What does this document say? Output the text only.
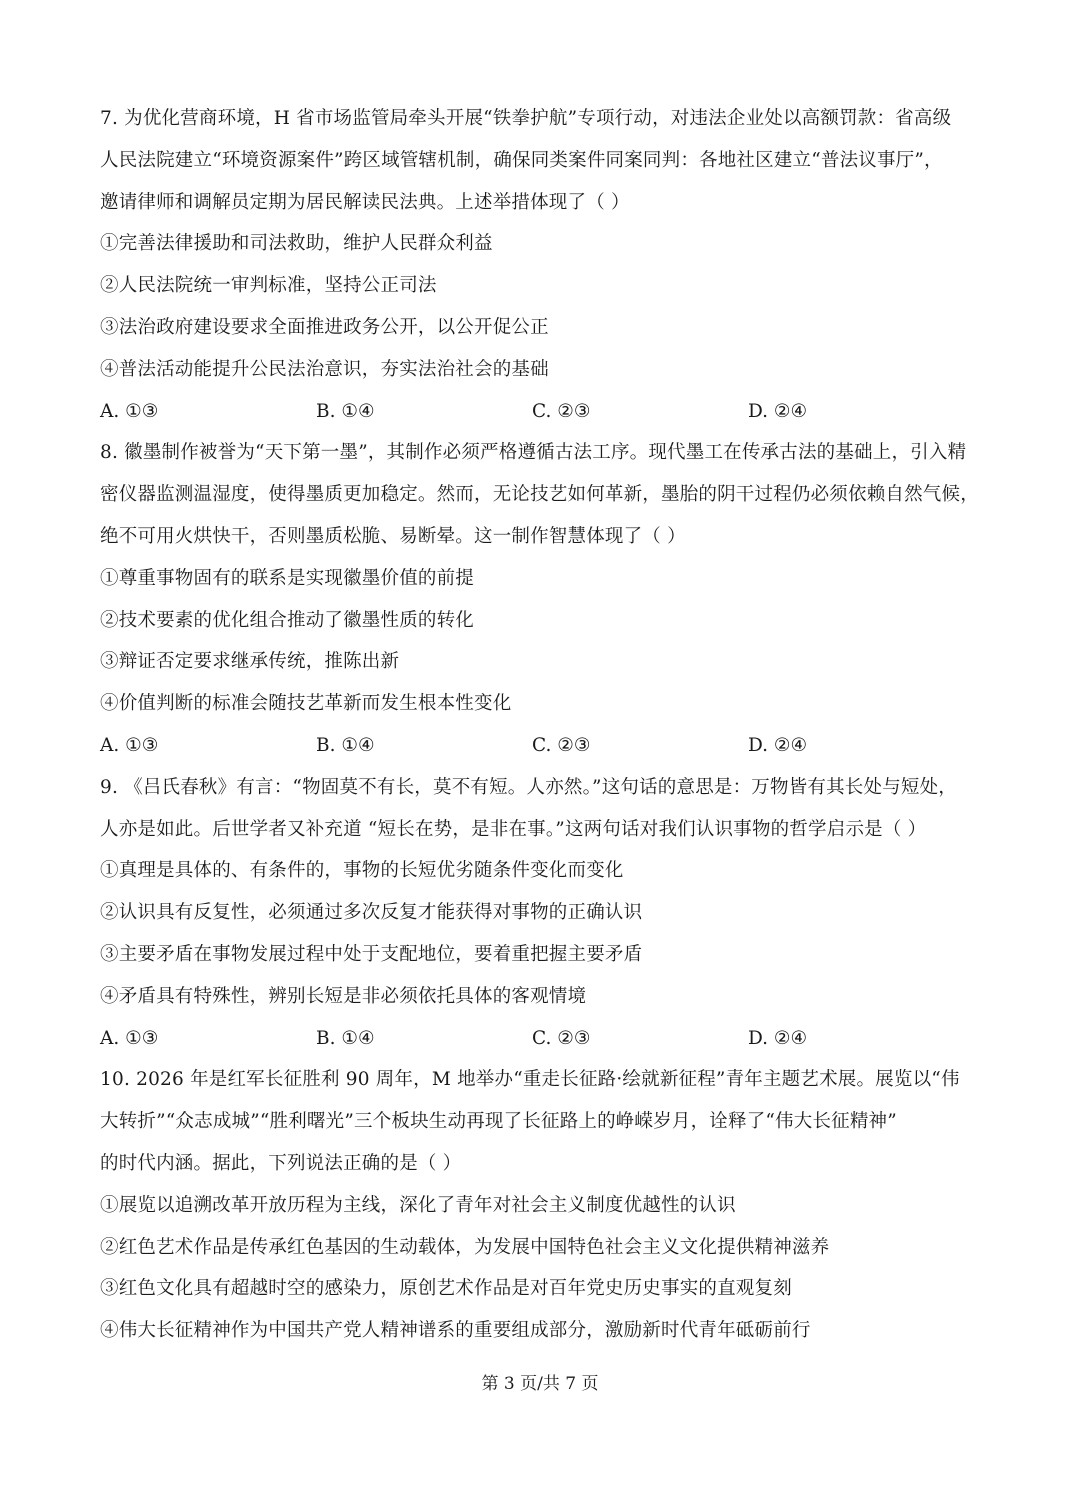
7. 为优化营商环境，H 省市场监管局牵头开展“铁拳护航”专项行动，对违法企业处以高额罚款：省高级
人民法院建立“环境资源案件”跨区域管辖机制，确保同类案件同案同判：各地社区建立“普法议事厅”，
邀请律师和调解员定期为居民解读民法典。上述举措体现了（ ）
①完善法律援助和司法救助，维护人民群众利益
②人民法院统一审判标准，坚持公正司法
③法治政府建设要求全面推进政务公开，以公开促公正
④普法活动能提升公民法治意识，夯实法治社会的基础
A. ①③	B. ①④	C. ②③	D. ②④
8. 徽墨制作被誉为“天下第一墨”，其制作必须严格遵循古法工序。现代墨工在传承古法的基础上，引入精
密仪器监测温湿度，使得墨质更加稳定。然而，无论技艺如何革新，墨胎的阴干过程仍必须依赖自然气候，
绝不可用火烘快干，否则墨质松脆、易断晕。这一制作智慧体现了（ ）
①尊重事物固有的联系是实现徽墨价值的前提
②技术要素的优化组合推动了徽墨性质的转化
③辩证否定要求继承传统，推陈出新
④价值判断的标准会随技艺革新而发生根本性变化
A. ①③	B. ①④	C. ②③	D. ②④
9. 《吕氏春秋》有言：“物固莫不有长，莫不有短。人亦然。”这句话的意思是：万物皆有其长处与短处，
人亦是如此。后世学者又补充道 “短长在势，是非在事。”这两句话对我们认识事物的哲学启示是（ ）
①真理是具体的、有条件的，事物的长短优劣随条件变化而变化
②认识具有反复性，必须通过多次反复才能获得对事物的正确认识
③主要矛盾在事物发展过程中处于支配地位，要着重把握主要矛盾
④矛盾具有特殊性，辨别长短是非必须依托具体的客观情境
A. ①③	B. ①④	C. ②③	D. ②④
10. 2026 年是红军长征胜利 90 周年，M 地举办“重走长征路·绘就新征程”青年主题艺术展。展览以“伟
大转折”“众志成城”“胜利曙光”三个板块生动再现了长征路上的峥嵘岁月，诠释了“伟大长征精神”
的时代内涵。据此，下列说法正确的是（ ）
①展览以追溯改革开放历程为主线，深化了青年对社会主义制度优越性的认识
②红色艺术作品是传承红色基因的生动载体，为发展中国特色社会主义文化提供精神滋养
③红色文化具有超越时空的感染力，原创艺术作品是对百年党史历史事实的直观复刻
④伟大长征精神作为中国共产党人精神谱系的重要组成部分，激励新时代青年砥砺前行
第 3 页/共 7 页
